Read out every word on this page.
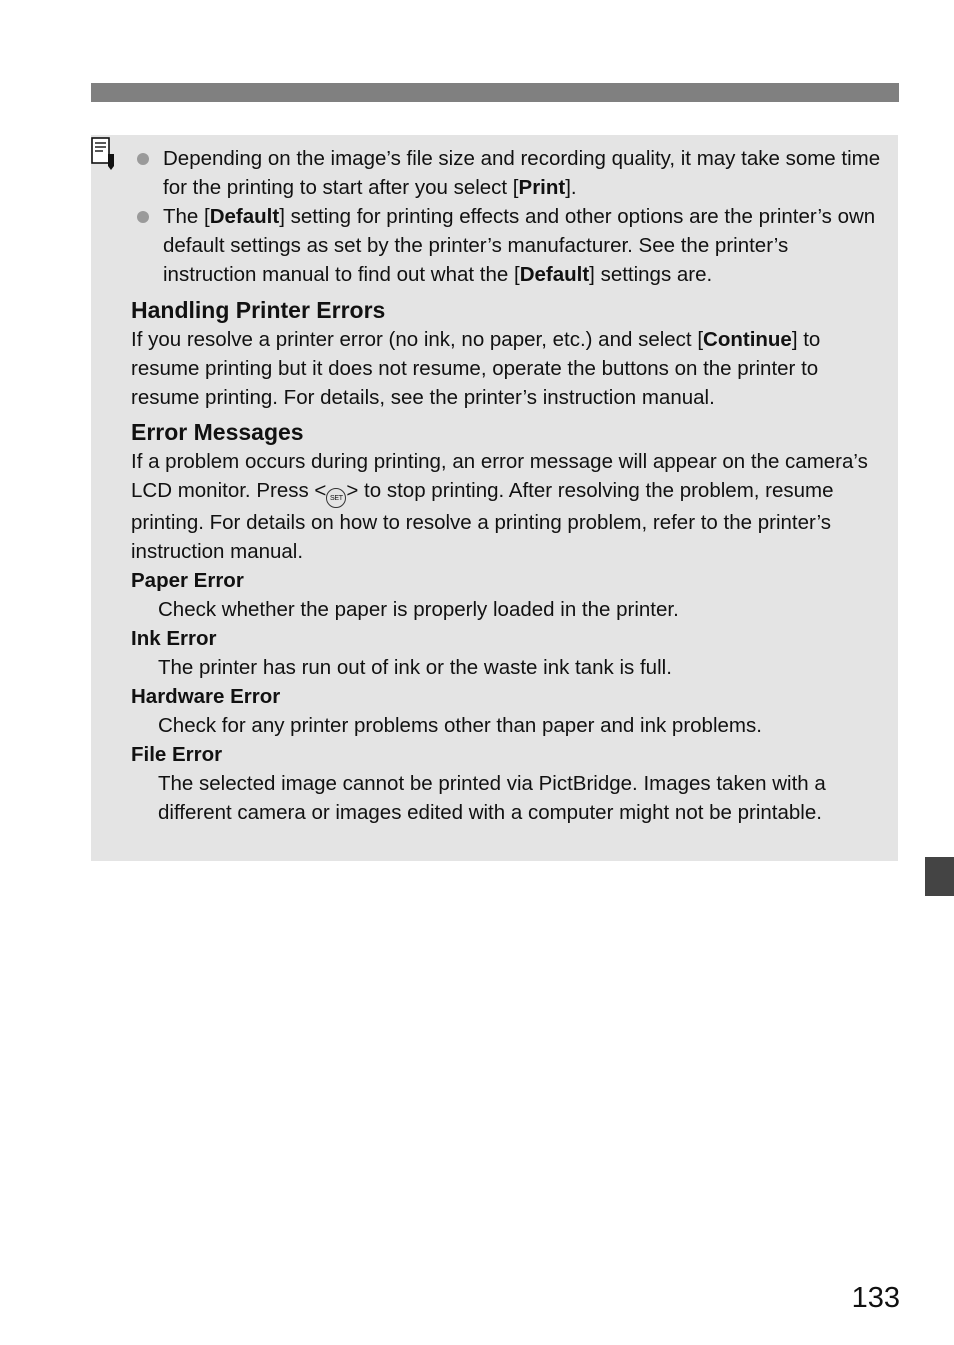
Depending on the image’s file size and recording quality, it may take some time for the printing to start after you select [Print].
The [Default] setting for printing effects and other options are the printer’s own default settings as set by the printer’s manufacturer. See the printer’s instruction manual to find out what the [Default] settings are.
Handling Printer Errors

If you resolve a printer error (no ink, no paper, etc.) and select [Continue] to resume printing but it does not resume, operate the buttons on the printer to resume printing. For details, see the printer’s instruction manual.

Error Messages

If a problem occurs during printing, an error message will appear on the camera’s LCD monitor. Press < SET > to stop printing. After resolving the problem, resume printing. For details on how to resolve a printing problem, refer to the printer’s instruction manual.

Paper Error

Check whether the paper is properly loaded in the printer.

Ink Error

The printer has run out of ink or the waste ink tank is full.

Hardware Error

Check for any printer problems other than paper and ink problems.

File Error

The selected image cannot be printed via PictBridge. Images taken with a different camera or images edited with a computer might not be printable.

133
